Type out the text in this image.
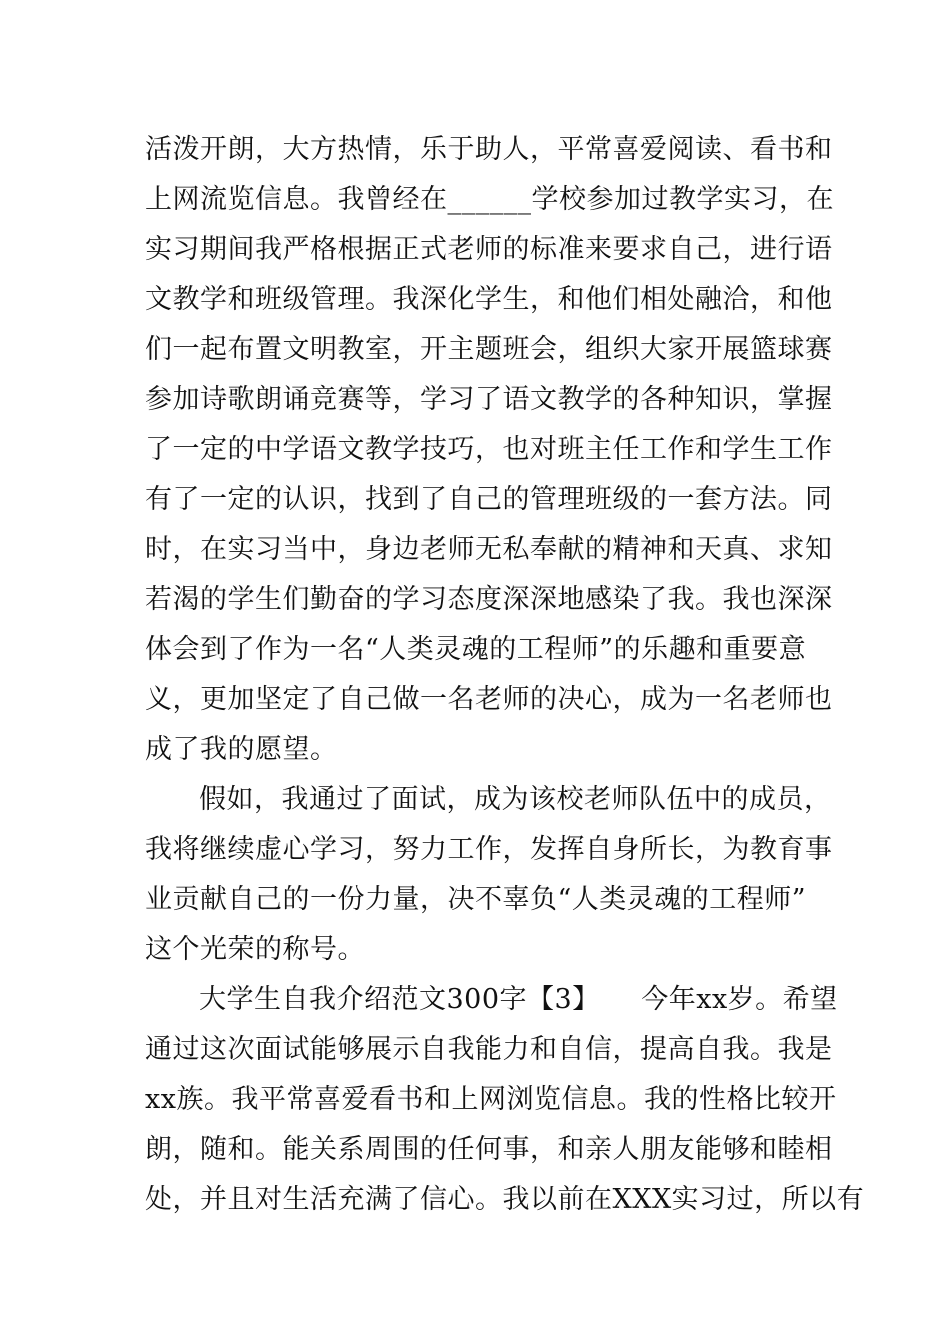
活泼开朗，大方热情，乐于助人，平常喜爱阅读、看书和
上网流览信息。我曾经在______学校参加过教学实习，在
实习期间我严格根据正式老师的标准来要求自己，进行语
文教学和班级管理。我深化学生，和他们相处融洽，和他
们一起布置文明教室，开主题班会，组织大家开展篮球赛
参加诗歌朗诵竞赛等，学习了语文教学的各种知识，掌握
了一定的中学语文教学技巧，也对班主任工作和学生工作
有了一定的认识，找到了自己的管理班级的一套方法。同
时，在实习当中，身边老师无私奉献的精神和天真、求知
若渴的学生们勤奋的学习态度深深地感染了我。我也深深
体会到了作为一名“人类灵魂的工程师”的乐趣和重要意
义，更加坚定了自己做一名老师的决心，成为一名老师也
成了我的愿望。
假如，我通过了面试，成为该校老师队伍中的成员，
我将继续虚心学习，努力工作，发挥自身所长，为教育事
业贡献自己的一份力量，决不辜负“人类灵魂的工程师”
这个光荣的称号。
大学生自我介绍范文300字【3】　　今年xx岁。希望
通过这次面试能够展示自我能力和自信，提高自我。我是
xx族。我平常喜爱看书和上网浏览信息。我的性格比较开
朗，随和。能关系周围的任何事，和亲人朋友能够和睦相
处，并且对生活充满了信心。我以前在XXX实习过，所以有
